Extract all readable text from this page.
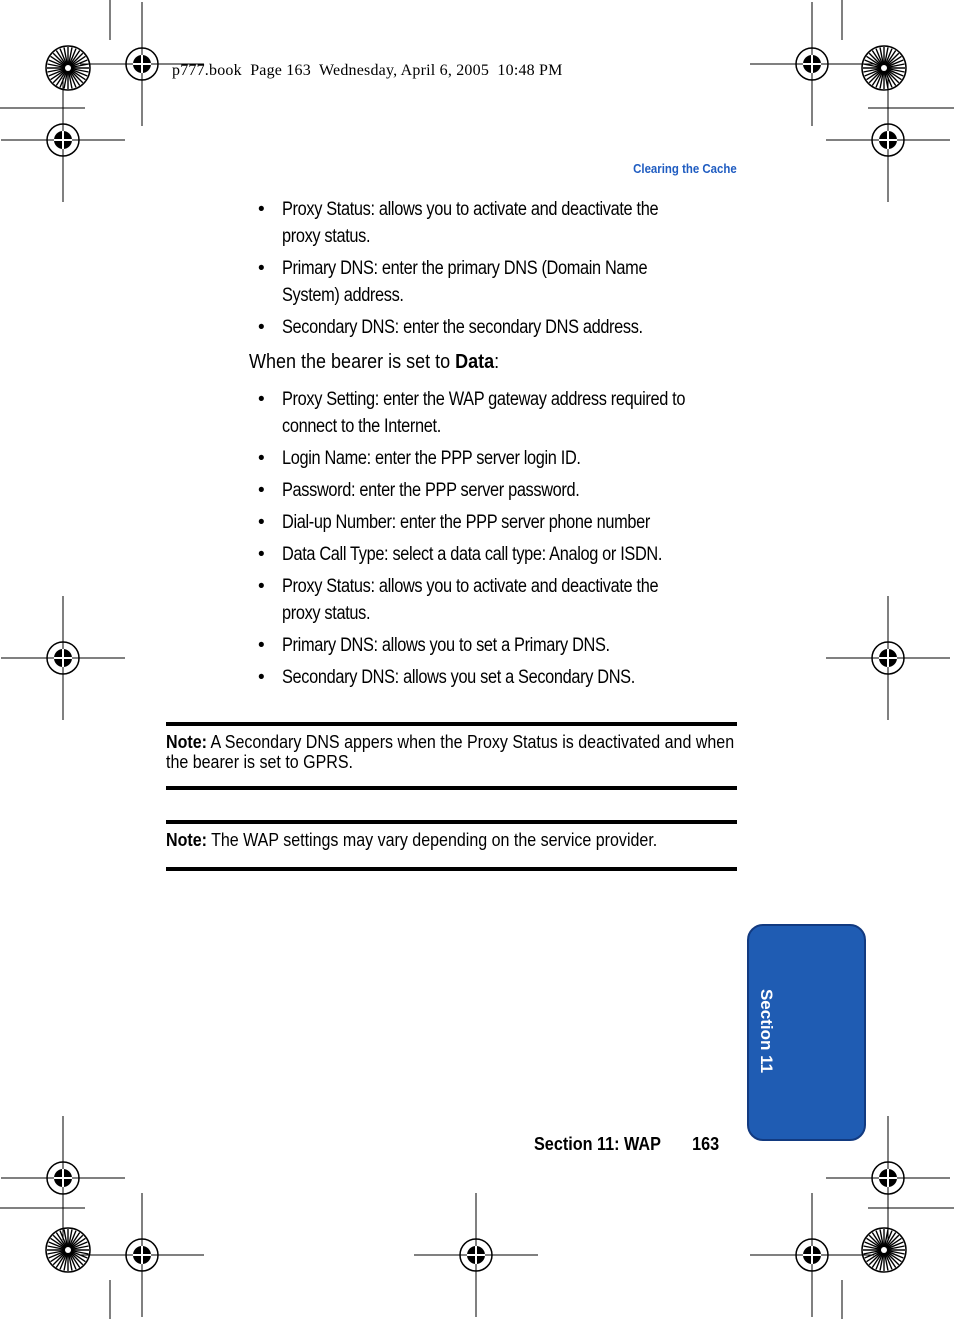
p777.book  Page 163  Wednesday, April 6, 2005  10:48 PM
Clearing the Cache
• Proxy Status: allows you to activate and deactivate the proxy status.
• Primary DNS: enter the primary DNS (Domain Name System) address.
• Secondary DNS: enter the secondary DNS address.
When the bearer is set to Data:
• Proxy Setting: enter the WAP gateway address required to connect to the Internet.
• Login Name: enter the PPP server login ID.
• Password: enter the PPP server password.
• Dial-up Number: enter the PPP server phone number
• Data Call Type: select a data call type: Analog or ISDN.
• Proxy Status: allows you to activate and deactivate the proxy status.
• Primary DNS: allows you to set a Primary DNS.
• Secondary DNS: allows you set a Secondary DNS.
Note: A Secondary DNS appers when the Proxy Status is deactivated and when the bearer is set to GPRS.
Note: The WAP settings may vary depending on the service provider.
Section 11
Section 11: WAP 163
